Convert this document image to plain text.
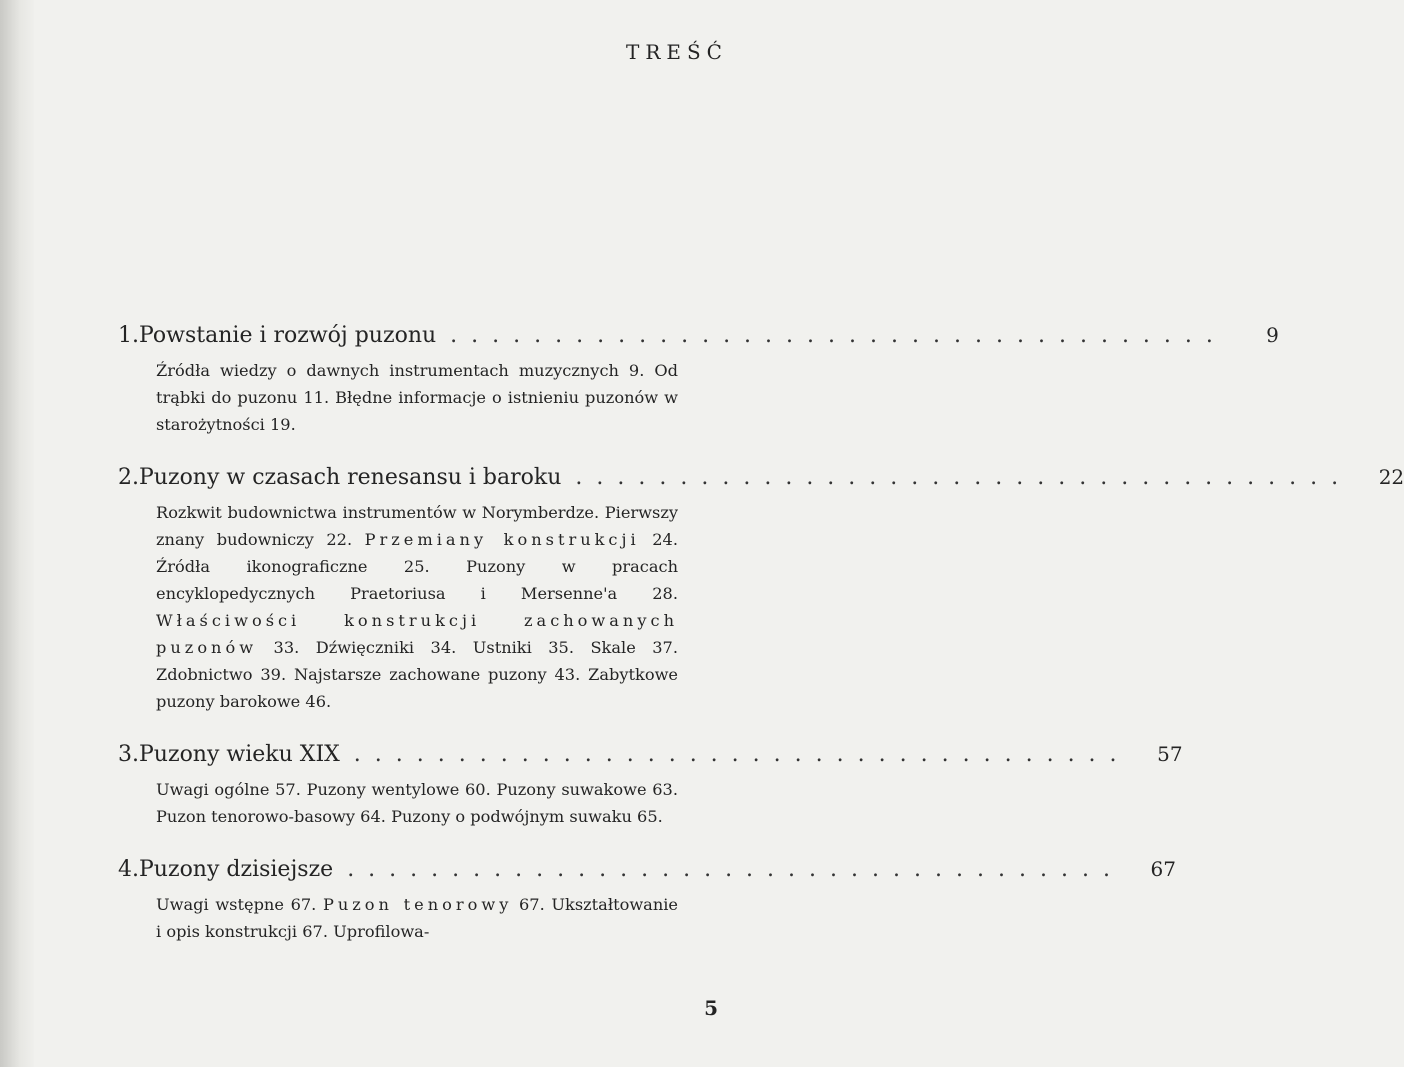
TREŚĆ
1. Powstanie i rozwój puzonu .....................................	9

Źródła wiedzy o dawnych instrumentach muzycznych 9. Od trąbki do puzonu 11. Błędne informacje o istnieniu puzonów w starożytności 19.

2. Puzony w czasach renesansu i baroku .....................................	22

Rozkwit budownictwa instrumentów w Norymberdze. Pierwszy znany budowniczy 22. Przemiany konstrukcji 24. Źródła ikonograficzne 25. Puzony w pracach encyklopedycznych Praetoriusa i Mersenne'a 28. Właściwości konstrukcji zachowanych puzonów 33. Dźwięczniki 34. Ustniki 35. Skale 37. Zdobnictwo 39. Najstarsze zachowane puzony 43. Zabytkowe puzony barokowe 46.

3. Puzony wieku XIX .....................................	57

Uwagi ogólne 57. Puzony wentylowe 60. Puzony suwakowe 63. Puzon tenorowo-basowy 64. Puzony o podwójnym suwaku 65.

4. Puzony dzisiejsze .....................................	67

Uwagi wstępne 67. Puzon tenorowy 67. Ukształtowanie i opis konstrukcji 67. Uprofilowa-

5
